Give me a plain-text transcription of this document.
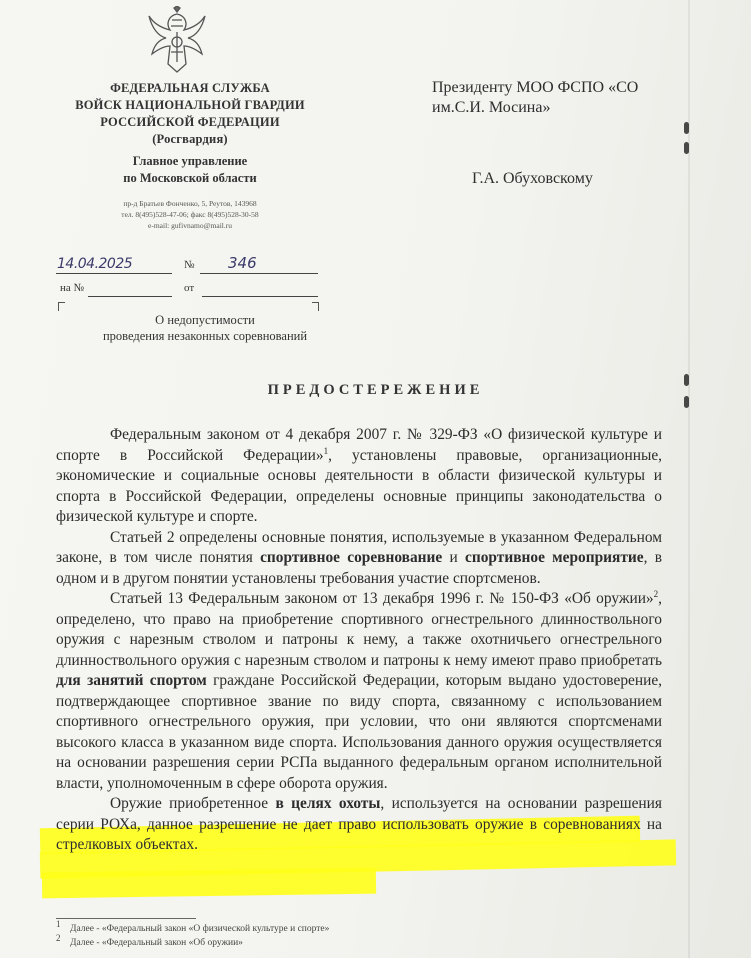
ФЕДЕРАЛЬНАЯ СЛУЖБА
ВОЙСК НАЦИОНАЛЬНОЙ ГВАРДИИ
РОССИЙСКОЙ ФЕДЕРАЦИИ
(Росгвардия)
Главное управление
по Московской области
пр-д Братьев Фонченко, 5, Реутов, 143968
тел. 8(495)528-47-06; факс 8(495)528-30-58
e-mail: gufivnamo@mail.ru
14.04.2025	№ 346
на №	от
О недопустимости
проведения незаконных соревнований
Президенту МОО ФСПО «СО
им.С.И. Мосина»
Г.А. Обуховскому
ПРЕДОСТЕРЕЖЕНИЕ

Федеральным законом от 4 декабря 2007 г. № 329-ФЗ «О физической культуре и спорте в Российской Федерации»$^1$, установлены правовые, организационные, экономические и социальные основы деятельности в области физической культуры и спорта в Российской Федерации, определены основные принципы законодательства о физической культуре и спорте.

Статьей 2 определены основные понятия, используемые в указанном Федеральном законе, в том числе понятия спортивное соревнование и спортивное мероприятие, в одном и в другом понятии установлены требования участие спортсменов.

Статьей 13 Федеральным законом от 13 декабря 1996 г. № 150-ФЗ «Об оружии»$^2$, определено, что право на приобретение спортивного огнестрельного длинноствольного оружия с нарезным стволом и патроны к нему, а также охотничьего огнестрельного длинноствольного оружия с нарезным стволом и патроны к нему имеют право приобретать для занятий спортом граждане Российской Федерации, которым выдано удостоверение, подтверждающее спортивное звание по виду спорта, связанному с использованием спортивного огнестрельного оружия, при условии, что они являются спортсменами высокого класса в указанном виде спорта. Использования данного оружия осуществляется на основании разрешения серии РСПа выданного федеральным органом исполнительной власти, уполномоченным в сфере оборота оружия.

Оружие приобретенное в целях охоты, используется на основании разрешения серии РОХа, данное разрешение не дает право использовать оружие в соревнованиях на стрелковых объектах.

$^1$    Далее - «Федеральный закон «О физической культуре и спорте»
$^2$    Далее - «Федеральный закон «Об оружии»
